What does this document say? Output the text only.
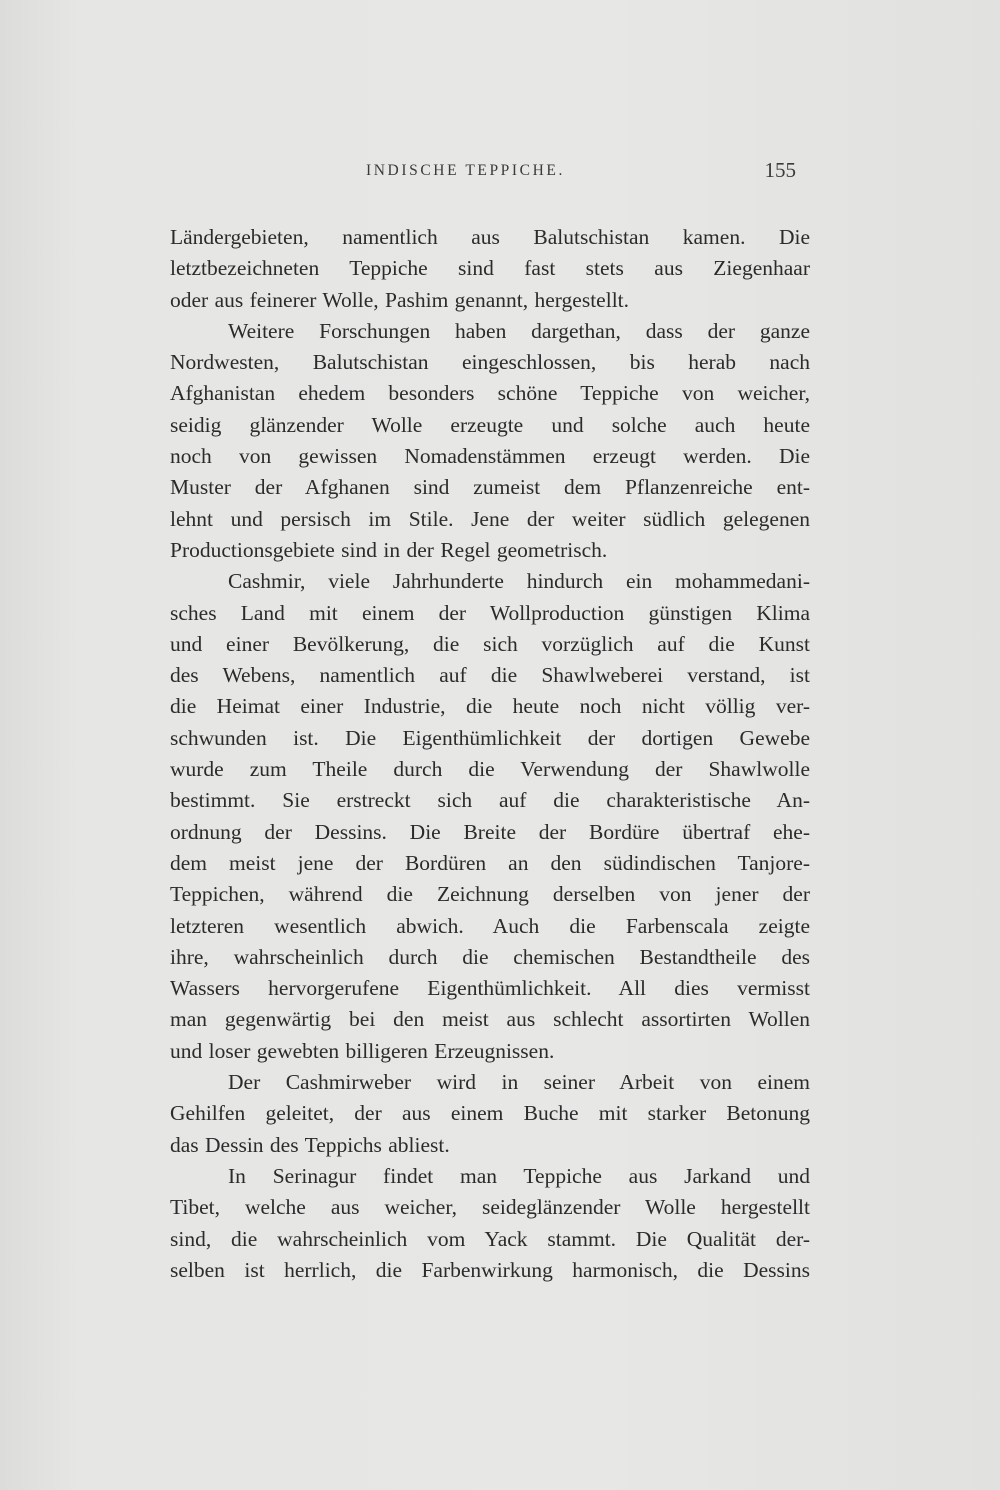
INDISCHE TEPPICHE.	155
Ländergebieten, namentlich aus Balutschistan kamen. Die
letztbezeichneten Teppiche sind fast stets aus Ziegenhaar
oder aus feinerer Wolle, Pashim genannt, hergestellt.
Weitere Forschungen haben dargethan, dass der ganze
Nordwesten, Balutschistan eingeschlossen, bis herab nach
Afghanistan ehedem besonders schöne Teppiche von weicher,
seidig glänzender Wolle erzeugte und solche auch heute
noch von gewissen Nomadenstämmen erzeugt werden. Die
Muster der Afghanen sind zumeist dem Pflanzenreiche ent-
lehnt und persisch im Stile. Jene der weiter südlich gelegenen
Productionsgebiete sind in der Regel geometrisch.
Cashmir, viele Jahrhunderte hindurch ein mohammedani-
sches Land mit einem der Wollproduction günstigen Klima
und einer Bevölkerung, die sich vorzüglich auf die Kunst
des Webens, namentlich auf die Shawlweberei verstand, ist
die Heimat einer Industrie, die heute noch nicht völlig ver-
schwunden ist. Die Eigenthümlichkeit der dortigen Gewebe
wurde zum Theile durch die Verwendung der Shawlwolle
bestimmt. Sie erstreckt sich auf die charakteristische An-
ordnung der Dessins. Die Breite der Bordüre übertraf ehe-
dem meist jene der Bordüren an den südindischen Tanjore-
Teppichen, während die Zeichnung derselben von jener der
letzteren wesentlich abwich. Auch die Farbenscala zeigte
ihre, wahrscheinlich durch die chemischen Bestandtheile des
Wassers hervorgerufene Eigenthümlichkeit. All dies vermisst
man gegenwärtig bei den meist aus schlecht assortirten Wollen
und loser gewebten billigeren Erzeugnissen.
Der Cashmirweber wird in seiner Arbeit von einem
Gehilfen geleitet, der aus einem Buche mit starker Betonung
das Dessin des Teppichs abliest.
In Serinagur findet man Teppiche aus Jarkand und
Tibet, welche aus weicher, seideglänzender Wolle hergestellt
sind, die wahrscheinlich vom Yack stammt. Die Qualität der-
selben ist herrlich, die Farbenwirkung harmonisch, die Dessins
